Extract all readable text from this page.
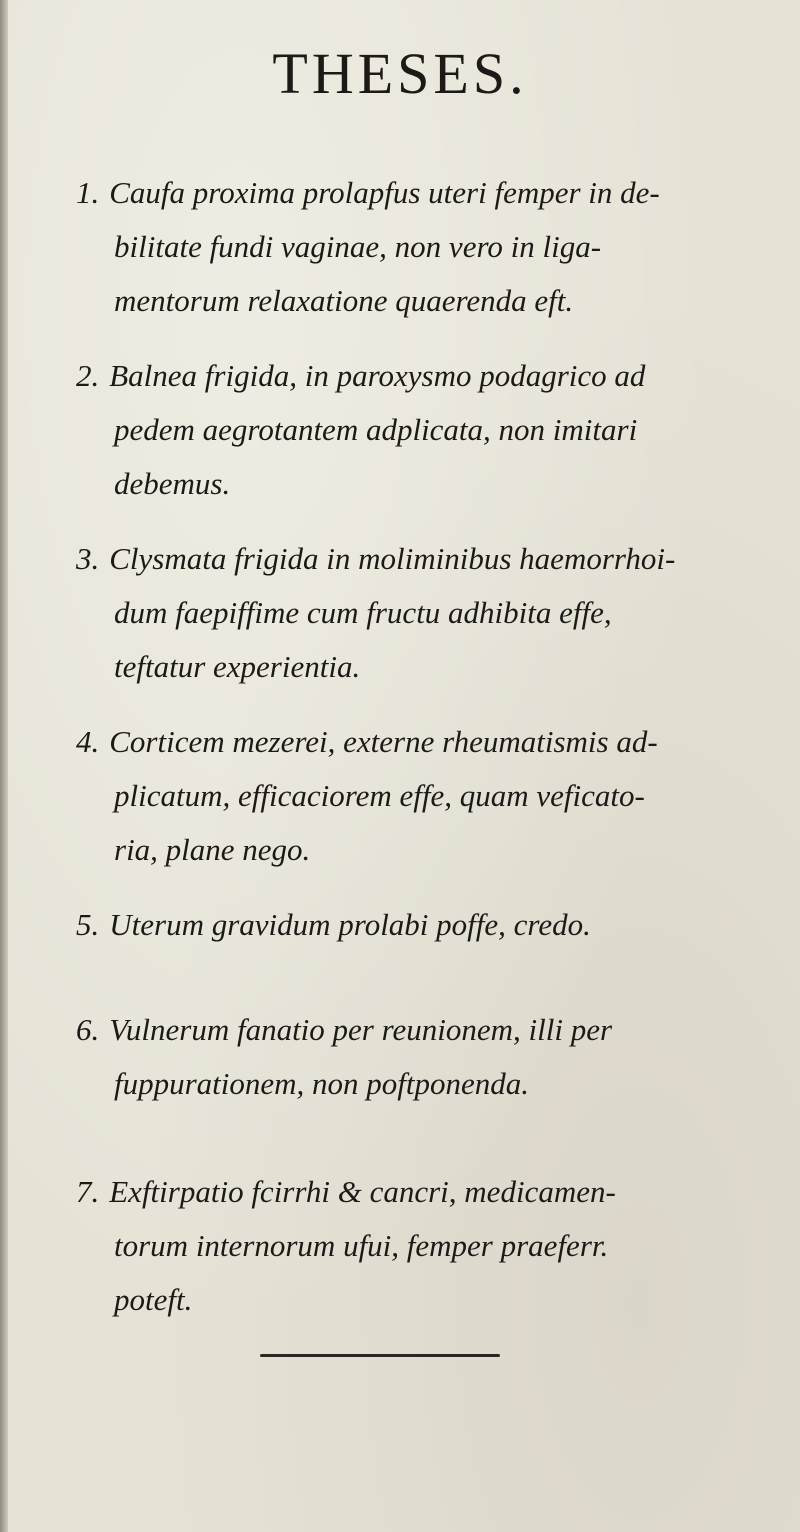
THESES.
1. Caufa proxima prolapfus uteri femper in de-
bilitate fundi vaginae, non vero in liga-
mentorum relaxatione quaerenda eft.
2. Balnea frigida, in paroxysmo podagrico ad
pedem aegrotantem adplicata, non imitari
debemus.
3. Clysmata frigida in moliminibus haemorrhoi-
dum faepiffime cum fructu adhibita effe,
teftatur experientia.
4. Corticem mezerei, externe rheumatismis ad-
plicatum, efficaciorem effe, quam veficato-
ria, plane nego.
5. Uterum gravidum prolabi poffe, credo.
6. Vulnerum fanatio per reunionem, illi per
fuppurationem, non poftponenda.
7. Exftirpatio fcirrhi & cancri, medicamen-
torum internorum ufui, femper praeferr.
poteft.
